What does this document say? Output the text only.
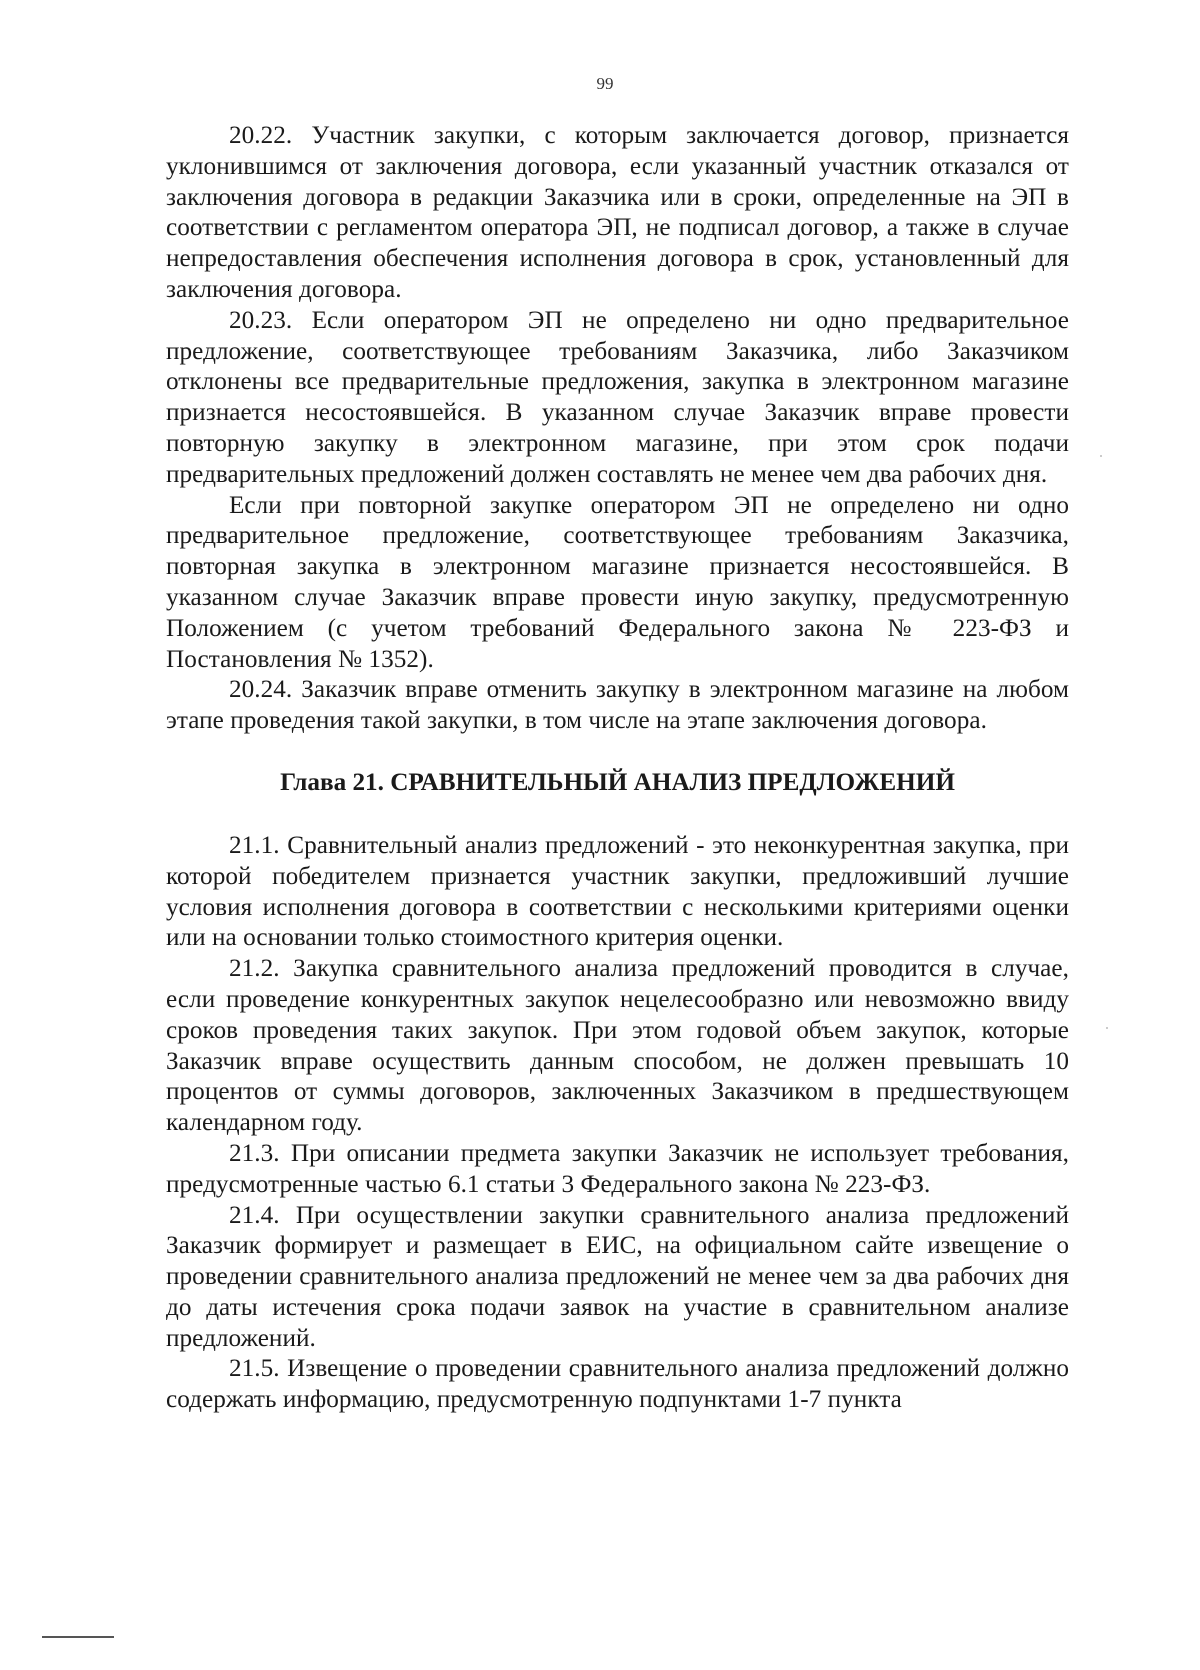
99

20.22. Участник закупки, с которым заключается договор, признается уклонившимся от заключения договора, если указанный участник отказался от заключения договора в редакции Заказчика или в сроки, определенные на ЭП в соответствии с регламентом оператора ЭП, не подписал договор, а также в случае непредоставления обеспечения исполнения договора в срок, установленный для заключения договора.

20.23. Если оператором ЭП не определено ни одно предварительное предложение, соответствующее требованиям Заказчика, либо Заказчиком отклонены все предварительные предложения, закупка в электронном магазине признается несостоявшейся. В указанном случае Заказчик вправе провести повторную закупку в электронном магазине, при этом срок подачи предварительных предложений должен составлять не менее чем два рабочих дня.

Если при повторной закупке оператором ЭП не определено ни одно предварительное предложение, соответствующее требованиям Заказчика, повторная закупка в электронном магазине признается несостоявшейся. В указанном случае Заказчик вправе провести иную закупку, предусмотренную Положением (с учетом требований Федерального закона № 223-ФЗ и Постановления № 1352).

20.24. Заказчик вправе отменить закупку в электронном магазине на любом этапе проведения такой закупки, в том числе на этапе заключения договора.

Глава 21. СРАВНИТЕЛЬНЫЙ АНАЛИЗ ПРЕДЛОЖЕНИЙ

21.1. Сравнительный анализ предложений - это неконкурентная закупка, при которой победителем признается участник закупки, предложивший лучшие условия исполнения договора в соответствии с несколькими критериями оценки или на основании только стоимостного критерия оценки.

21.2. Закупка сравнительного анализа предложений проводится в случае, если проведение конкурентных закупок нецелесообразно или невозможно ввиду сроков проведения таких закупок. При этом годовой объем закупок, которые Заказчик вправе осуществить данным способом, не должен превышать 10 процентов от суммы договоров, заключенных Заказчиком в предшествующем календарном году.

21.3. При описании предмета закупки Заказчик не использует требования, предусмотренные частью 6.1 статьи 3 Федерального закона № 223-ФЗ.

21.4. При осуществлении закупки сравнительного анализа предложений Заказчик формирует и размещает в ЕИС, на официальном сайте извещение о проведении сравнительного анализа предложений не менее чем за два рабочих дня до даты истечения срока подачи заявок на участие в сравнительном анализе предложений.

21.5. Извещение о проведении сравнительного анализа предложений должно содержать информацию, предусмотренную подпунктами 1-7 пункта
